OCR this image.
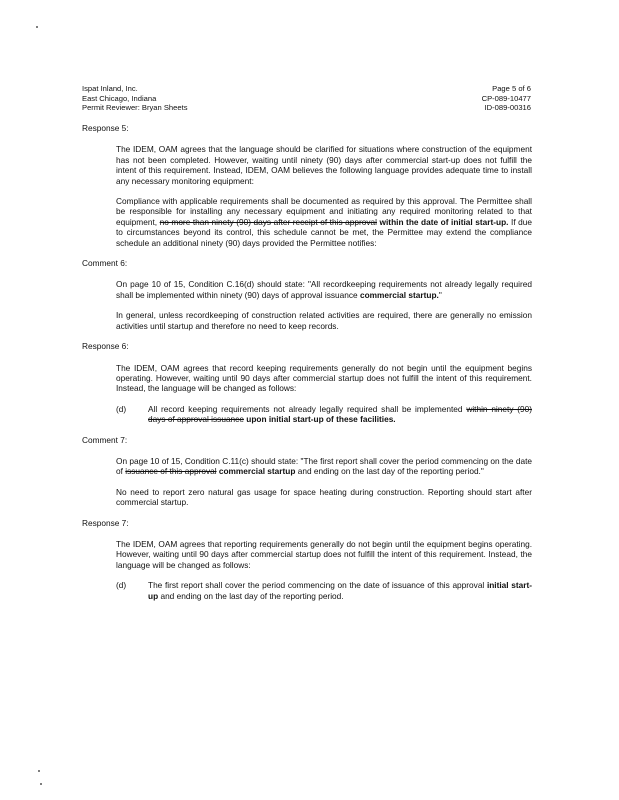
Ispat Inland, Inc.
East Chicago, Indiana
Permit Reviewer: Bryan Sheets
Page 5 of 6
CP-089-10477
ID-089-00316
Response 5:
The IDEM, OAM agrees that the language should be clarified for situations where construction of the equipment has not been completed. However, waiting until ninety (90) days after commercial start-up does not fulfill the intent of this requirement. Instead, IDEM, OAM believes the following language provides adequate time to install any necessary monitoring equipment:
Compliance with applicable requirements shall be documented as required by this approval. The Permittee shall be responsible for installing any necessary equipment and initiating any required monitoring related to that equipment, no more than ninety (90) days after receipt of this approval within the date of initial start-up. If due to circumstances beyond its control, this schedule cannot be met, the Permittee may extend the compliance schedule an additional ninety (90) days provided the Permittee notifies:
Comment 6:
On page 10 of 15, Condition C.16(d) should state: "All recordkeeping requirements not already legally required shall be implemented within ninety (90) days of approval issuance commercial startup."
In general, unless recordkeeping of construction related activities are required, there are generally no emission activities until startup and therefore no need to keep records.
Response 6:
The IDEM, OAM agrees that record keeping requirements generally do not begin until the equipment begins operating. However, waiting until 90 days after commercial startup does not fulfill the intent of this requirement. Instead, the language will be changed as follows:
(d)	All record keeping requirements not already legally required shall be implemented within ninety (90) days of approval issuance upon initial start-up of these facilities.
Comment 7:
On page 10 of 15, Condition C.11(c) should state: "The first report shall cover the period commencing on the date of issuance of this approval commercial startup and ending on the last day of the reporting period."
No need to report zero natural gas usage for space heating during construction. Reporting should start after commercial startup.
Response 7:
The IDEM, OAM agrees that reporting requirements generally do not begin until the equipment begins operating. However, waiting until 90 days after commercial startup does not fulfill the intent of this requirement. Instead, the language will be changed as follows:
(d)	The first report shall cover the period commencing on the date of issuance of this approval initial start-up and ending on the last day of the reporting period.
